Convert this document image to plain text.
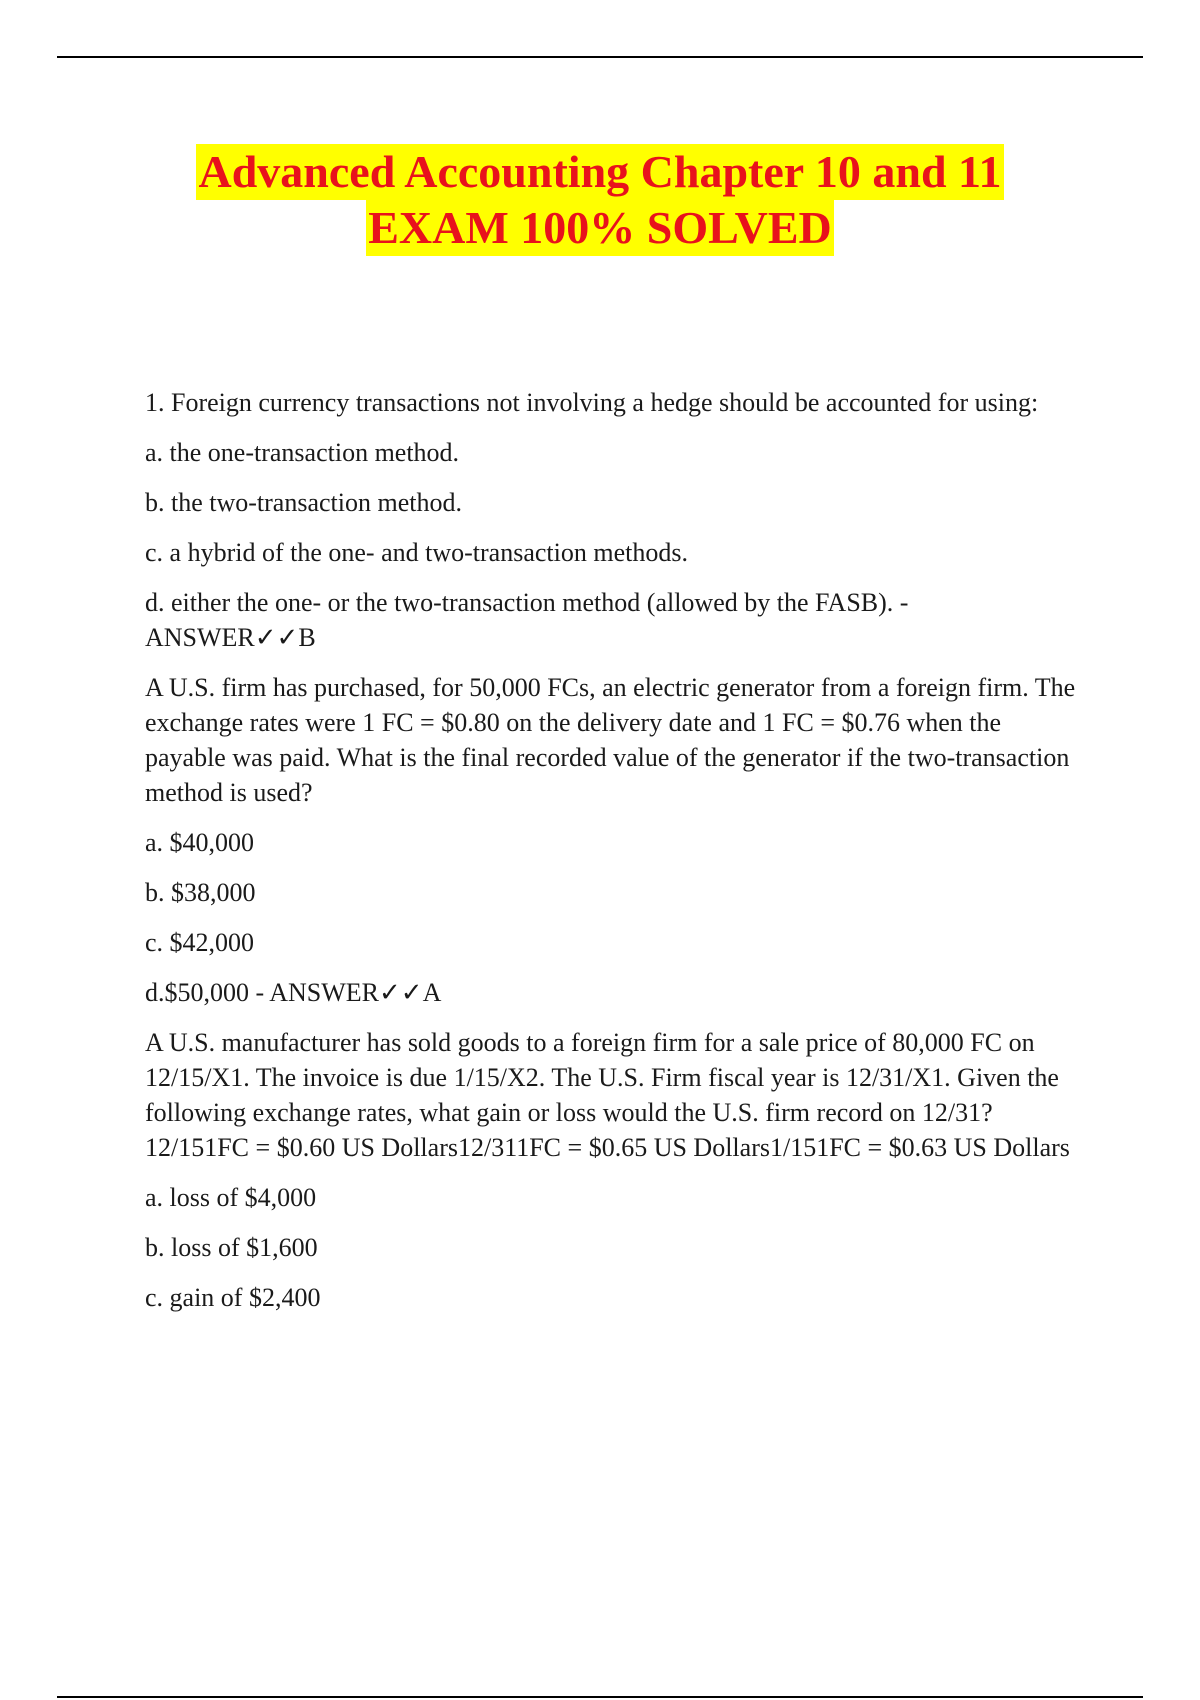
Advanced Accounting Chapter 10 and 11
EXAM 100% SOLVED

1. Foreign currency transactions not involving a hedge should be accounted for using:

a. the one-transaction method.

b. the two-transaction method.

c. a hybrid of the one- and two-transaction methods.

d. either the one- or the two-transaction method (allowed by the FASB). -
ANSWER✓✓B

A U.S. firm has purchased, for 50,000 FCs, an electric generator from a foreign firm. The exchange rates were 1 FC = $0.80 on the delivery date and 1 FC = $0.76 when the payable was paid. What is the final recorded value of the generator if the two-transaction method is used?

a. $40,000

b. $38,000

c. $42,000

d.$50,000 - ANSWER✓✓A

A U.S. manufacturer has sold goods to a foreign firm for a sale price of 80,000 FC on 12/15/X1. The invoice is due 1/15/X2. The U.S. Firm fiscal year is 12/31/X1. Given the following exchange rates, what gain or loss would the U.S. firm record on 12/31?12/151FC = $0.60 US Dollars12/311FC = $0.65 US Dollars1/151FC = $0.63 US Dollars

a. loss of $4,000

b. loss of $1,600

c. gain of $2,400
